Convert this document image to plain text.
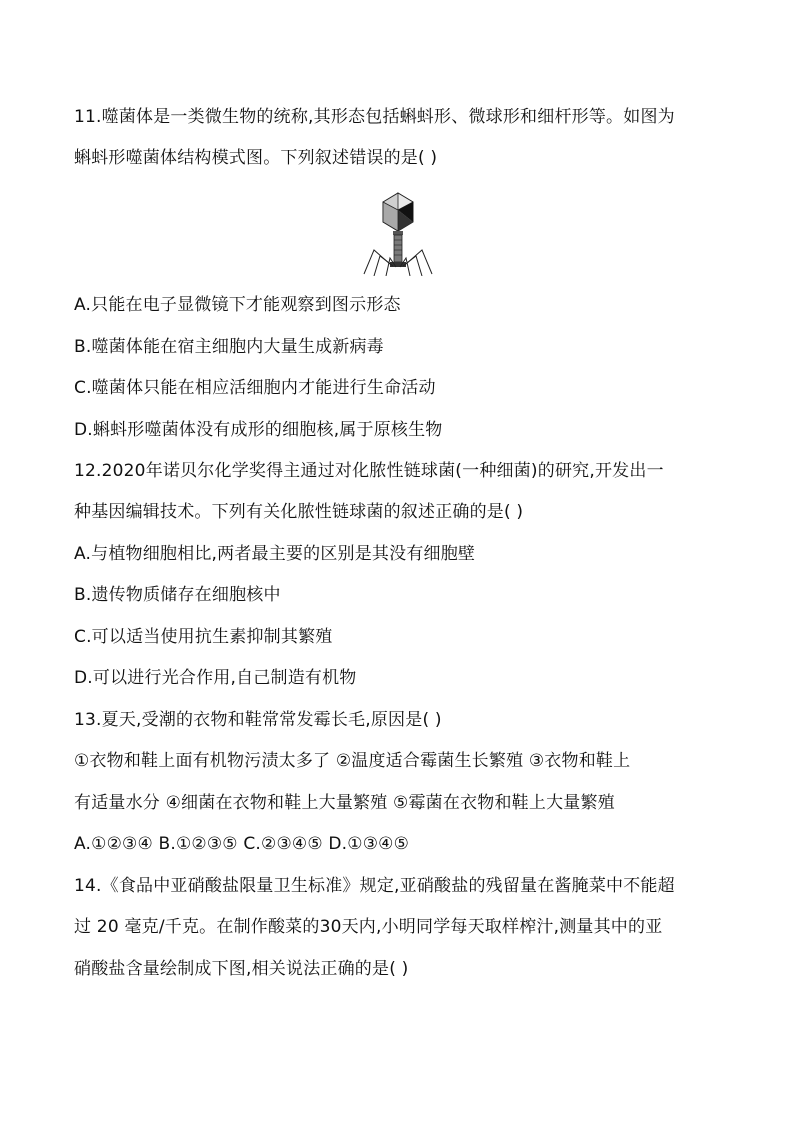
11.噬菌体是一类微生物的统称,其形态包括蝌蚪形、微球形和细杆形等。如图为
蝌蚪形噬菌体结构模式图。下列叙述错误的是( )
A.只能在电子显微镜下才能观察到图示形态
B.噬菌体能在宿主细胞内大量生成新病毒
C.噬菌体只能在相应活细胞内才能进行生命活动
D.蝌蚪形噬菌体没有成形的细胞核,属于原核生物
12.2020年诺贝尔化学奖得主通过对化脓性链球菌(一种细菌)的研究,开发出一
种基因编辑技术。下列有关化脓性链球菌的叙述正确的是( )
A.与植物细胞相比,两者最主要的区别是其没有细胞壁
B.遗传物质储存在细胞核中
C.可以适当使用抗生素抑制其繁殖
D.可以进行光合作用,自己制造有机物
13.夏天,受潮的衣物和鞋常常发霉长毛,原因是( )
①衣物和鞋上面有机物污渍太多了 ②温度适合霉菌生长繁殖 ③衣物和鞋上
有适量水分 ④细菌在衣物和鞋上大量繁殖 ⑤霉菌在衣物和鞋上大量繁殖
A.①②③④ B.①②③⑤ C.②③④⑤ D.①③④⑤
14.《食品中亚硝酸盐限量卫生标准》规定,亚硝酸盐的残留量在酱腌菜中不能超
过 20 毫克/千克。在制作酸菜的30天内,小明同学每天取样榨汁,测量其中的亚
硝酸盐含量绘制成下图,相关说法正确的是( )
